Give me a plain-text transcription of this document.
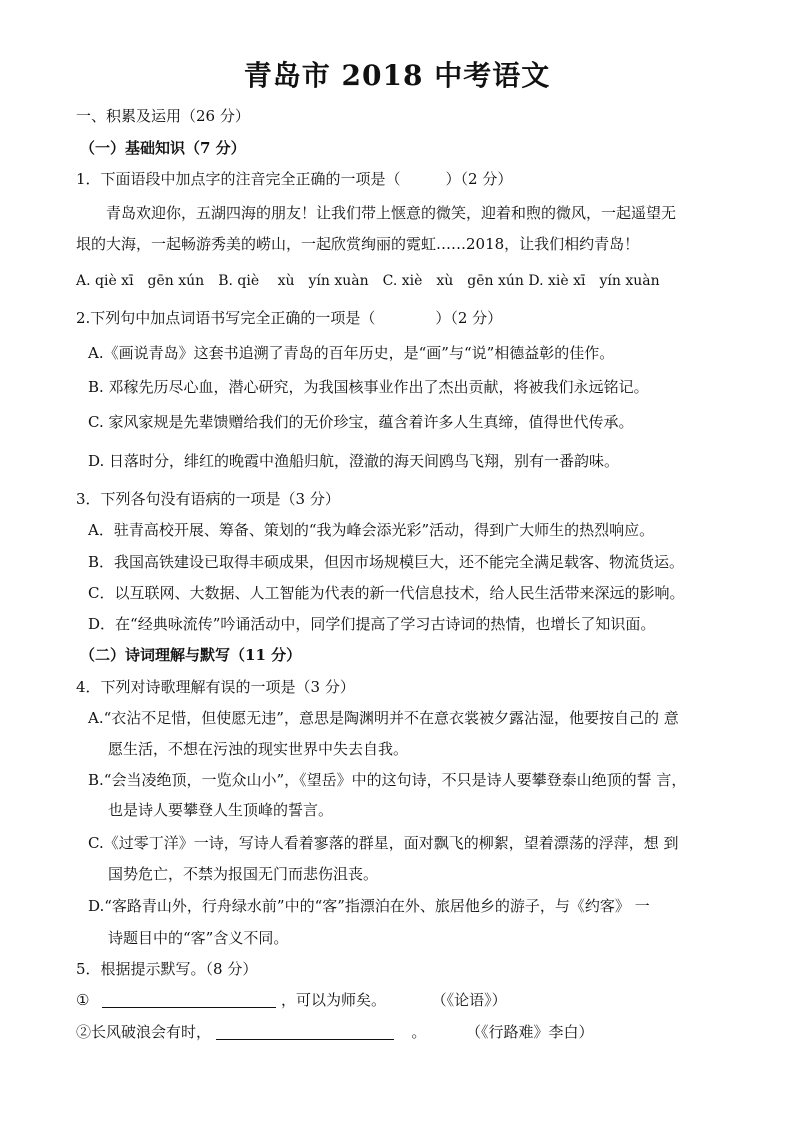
青岛市 2018 中考语文
一、积累及运用（26 分）
（一）基础知识（7 分）
1．下面语段中加点字的注音完全正确的一项是（　　　）（2 分）
青岛欢迎你，五湖四海的朋友！让我们带上惬意的微笑，迎着和煦的微风，一起遥望无
垠的大海，一起畅游秀美的崂山，一起欣赏绚丽的霓虹……2018，让我们相约青岛！
A. qiè xī　gēn xún　B. qiè　 xù　yín xuàn　C. xiè　xù　gēn xún D. xiè xī　yín xuàn
2.下列句中加点词语书写完全正确的一项是（　　　　）（2 分）
A.《画说青岛》这套书追溯了青岛的百年历史，是“画”与“说”相德益彰的佳作。
B. 邓稼先历尽心血，潜心研究，为我国核事业作出了杰出贡献，将被我们永远铭记。
C. 家风家规是先辈馈赠给我们的无价珍宝，蕴含着许多人生真缔，值得世代传承。
D. 日落时分，绯红的晚霞中渔船归航，澄澈的海天间鸥鸟飞翔，别有一番韵味。
3．下列各句没有语病的一项是（3 分）
A．驻青高校开展、筹备、策划的“我为峰会添光彩”活动，得到广大师生的热烈响应。
B．我国高铁建设已取得丰硕成果，但因市场规模巨大，还不能完全满足载客、物流货运。
C．以互联网、大数据、人工智能为代表的新一代信息技术，给人民生活带来深远的影响。
D．在“经典咏流传”吟诵活动中，同学们提高了学习古诗词的热情，也增长了知识面。
（二）诗词理解与默写（11 分）
4．下列对诗歌理解有误的一项是（3 分）
A.“衣沾不足惜，但使愿无违”，意思是陶渊明并不在意衣裳被夕露沾湿，他要按自己的 意
愿生活，不想在污浊的现实世界中失去自我。
B.“会当凌绝顶，一览众山小”，《望岳》中的这句诗，不只是诗人要攀登泰山绝顶的誓 言，
也是诗人要攀登人生顶峰的誓言。
C.《过零丁洋》一诗，写诗人看着寥落的群星，面对飘飞的柳絮，望着漂荡的浮萍，想 到
国势危亡，不禁为报国无门而悲伤沮丧。
D.“客路青山外，行舟绿水前”中的“客”指漂泊在外、旅居他乡的游子，与《约客》 一
诗题目中的“客”含义不同。
5．根据提示默写。（8 分）
①	，可以为师矣。	（《论语》）
②长风破浪会有时，	。	（《行路难》李白）
